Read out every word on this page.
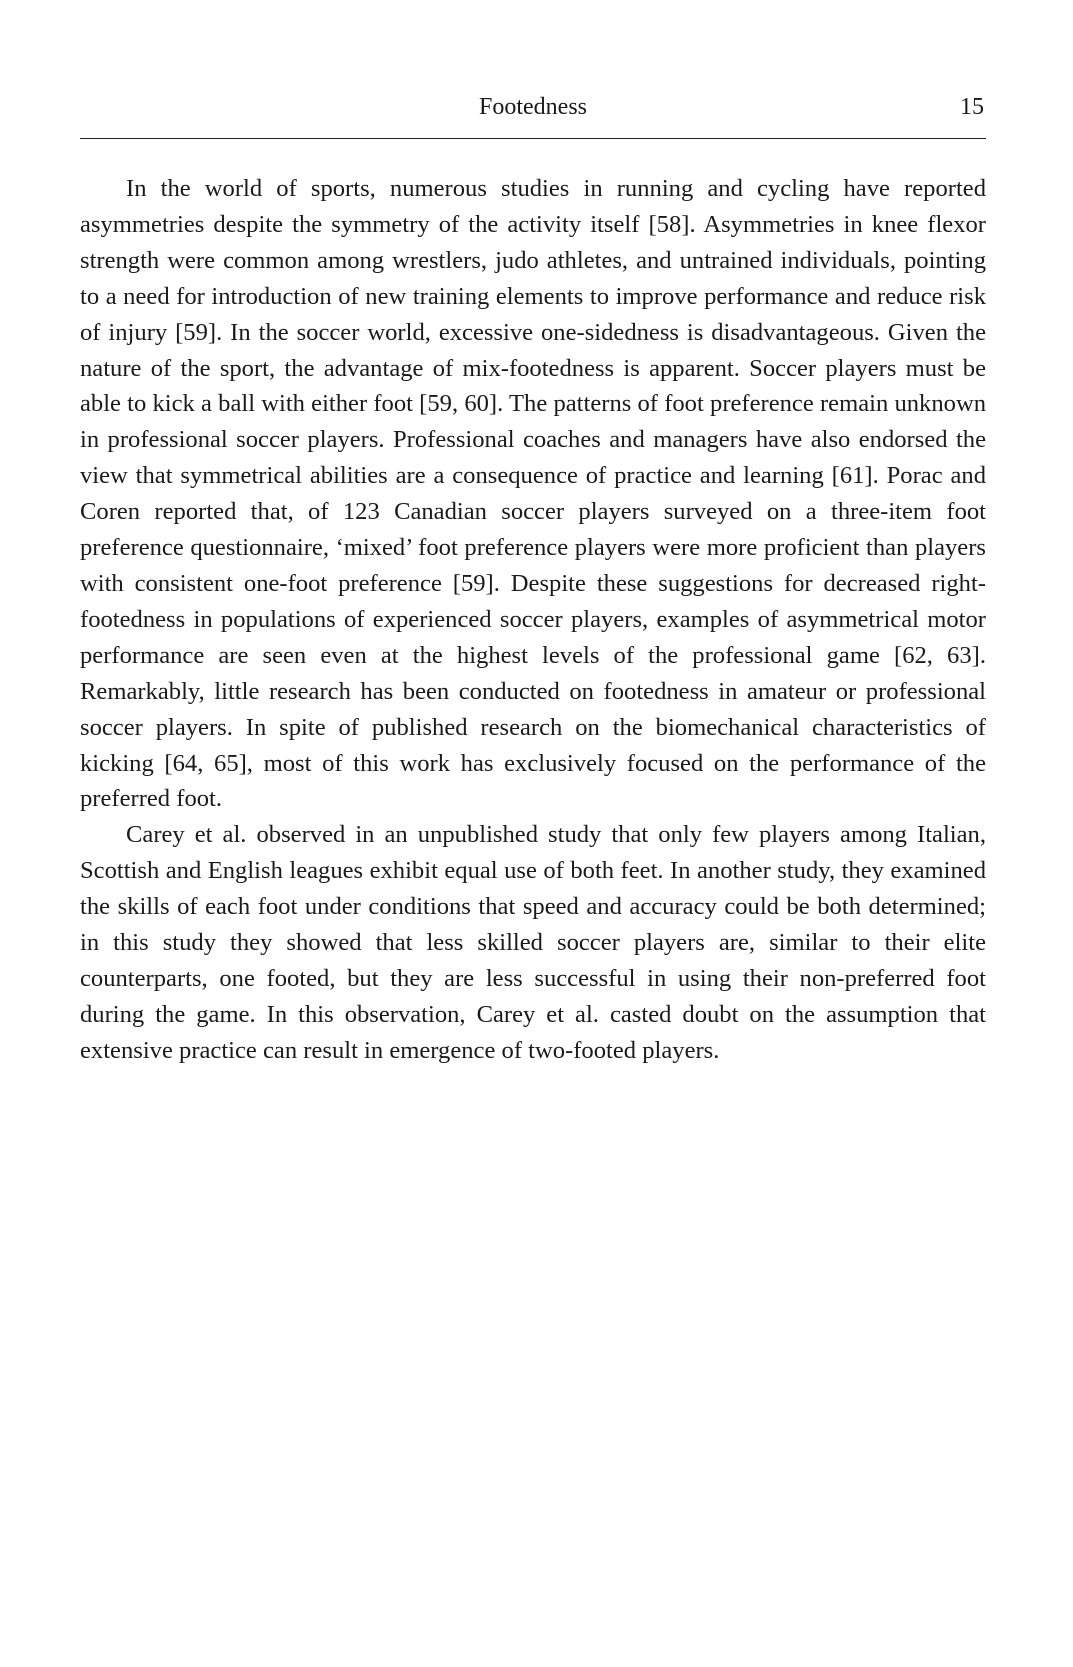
Footedness	15

In the world of sports, numerous studies in running and cycling have reported asymmetries despite the symmetry of the activity itself [58]. Asymmetries in knee flexor strength were common among wrestlers, judo athletes, and untrained individuals, pointing to a need for introduction of new training elements to improve performance and reduce risk of injury [59]. In the soccer world, excessive one-sidedness is disadvantageous. Given the nature of the sport, the advantage of mix-footedness is apparent. Soccer players must be able to kick a ball with either foot [59, 60]. The patterns of foot preference remain unknown in professional soccer players. Professional coaches and managers have also endorsed the view that symmetrical abilities are a consequence of practice and learning [61]. Porac and Coren reported that, of 123 Canadian soccer players surveyed on a three-item foot preference questionnaire, ‘mixed’ foot preference players were more proficient than players with consistent one-foot preference [59]. Despite these suggestions for decreased right-footedness in populations of experienced soccer players, examples of asymmetrical motor performance are seen even at the highest levels of the professional game [62, 63]. Remarkably, little research has been conducted on footedness in amateur or professional soccer players. In spite of published research on the biomechanical characteristics of kicking [64, 65], most of this work has exclusively focused on the performance of the preferred foot.

Carey et al. observed in an unpublished study that only few players among Italian, Scottish and English leagues exhibit equal use of both feet. In another study, they examined the skills of each foot under conditions that speed and accuracy could be both determined; in this study they showed that less skilled soccer players are, similar to their elite counterparts, one footed, but they are less successful in using their non-preferred foot during the game. In this observation, Carey et al. casted doubt on the assumption that extensive practice can result in emergence of two-footed players.
